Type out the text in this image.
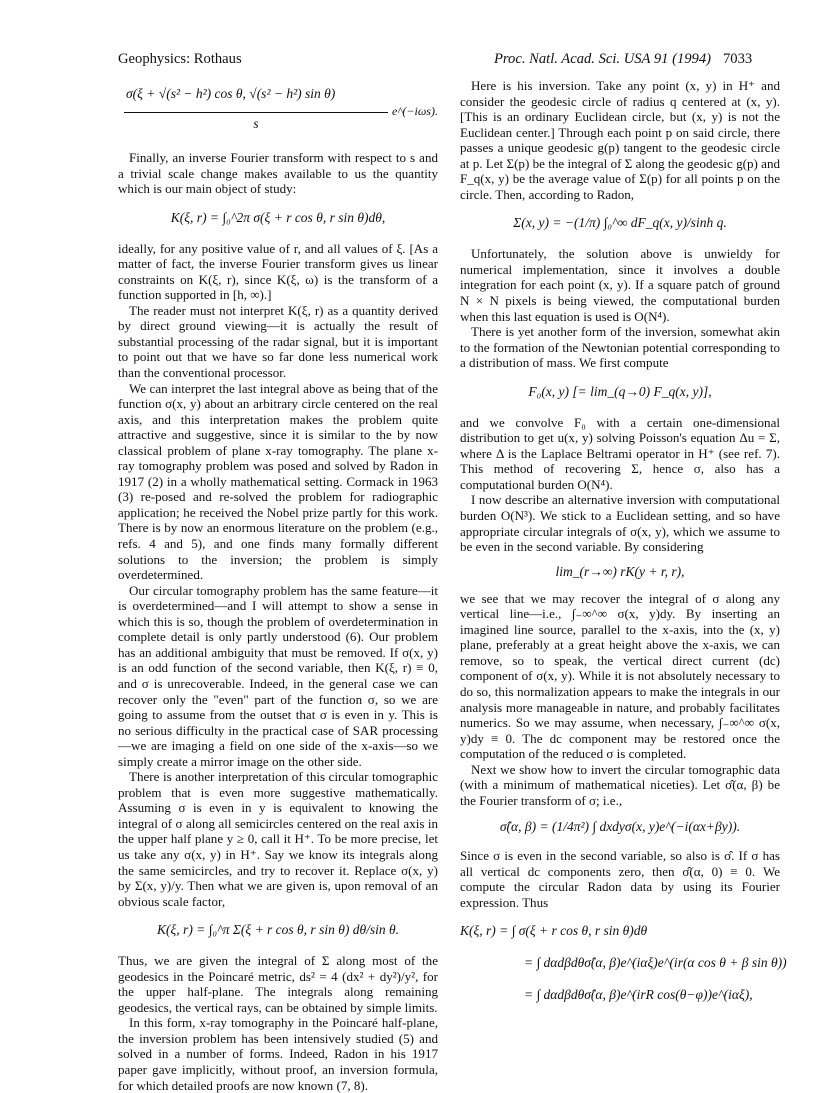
Geophysics: Rothaus	Proc. Natl. Acad. Sci. USA 91 (1994) 7033
σ(ξ + √(s² − h²) cos θ, √(s² − h²) sin θ)
s
e^(−iωs).

Finally, an inverse Fourier transform with respect to s and a trivial scale change makes available to us the quantity which is our main object of study:

K(ξ, r) = ∫₀^2π σ(ξ + r cos θ, r sin θ)dθ,

ideally, for any positive value of r, and all values of ξ. [As a matter of fact, the inverse Fourier transform gives us linear constraints on K(ξ, r), since K(ξ, ω) is the transform of a function supported in [h, ∞).]

The reader must not interpret K(ξ, r) as a quantity derived by direct ground viewing—it is actually the result of substantial processing of the radar signal, but it is important to point out that we have so far done less numerical work than the conventional processor.

We can interpret the last integral above as being that of the function σ(x, y) about an arbitrary circle centered on the real axis, and this interpretation makes the problem quite attractive and suggestive, since it is similar to the by now classical problem of plane x-ray tomography. The plane x-ray tomography problem was posed and solved by Radon in 1917 (2) in a wholly mathematical setting. Cormack in 1963 (3) re-posed and re-solved the problem for radiographic application; he received the Nobel prize partly for this work. There is by now an enormous literature on the problem (e.g., refs. 4 and 5), and one finds many formally different solutions to the inversion; the problem is simply overdetermined.

Our circular tomography problem has the same feature—it is overdetermined—and I will attempt to show a sense in which this is so, though the problem of overdetermination in complete detail is only partly understood (6). Our problem has an additional ambiguity that must be removed. If σ(x, y) is an odd function of the second variable, then K(ξ, r) ≡ 0, and σ is unrecoverable. Indeed, in the general case we can recover only the "even" part of the function σ, so we are going to assume from the outset that σ is even in y. This is no serious difficulty in the practical case of SAR processing—we are imaging a field on one side of the x-axis—so we simply create a mirror image on the other side.

There is another interpretation of this circular tomographic problem that is even more suggestive mathematically. Assuming σ is even in y is equivalent to knowing the integral of σ along all semicircles centered on the real axis in the upper half plane y ≥ 0, call it H⁺. To be more precise, let us take any σ(x, y) in H⁺. Say we know its integrals along the same semicircles, and try to recover it. Replace σ(x, y) by Σ(x, y)/y. Then what we are given is, upon removal of an obvious scale factor,

K(ξ, r) = ∫₀^π Σ(ξ + r cos θ, r sin θ) dθ/sin θ.

Thus, we are given the integral of Σ along most of the geodesics in the Poincaré metric, ds² = 4 (dx² + dy²)/y², for the upper half-plane. The integrals along remaining geodesics, the vertical rays, can be obtained by simple limits.

In this form, x-ray tomography in the Poincaré half-plane, the inversion problem has been intensively studied (5) and solved in a number of forms. Indeed, Radon in his 1917 paper gave implicitly, without proof, an inversion formula, for which detailed proofs are now known (7, 8).

Here is his inversion. Take any point (x, y) in H⁺ and consider the geodesic circle of radius q centered at (x, y). [This is an ordinary Euclidean circle, but (x, y) is not the Euclidean center.] Through each point p on said circle, there passes a unique geodesic g(p) tangent to the geodesic circle at p. Let Σ(p) be the integral of Σ along the geodesic g(p) and F_q(x, y) be the average value of Σ(p) for all points p on the circle. Then, according to Radon,

Σ(x, y) = −(1/π) ∫₀^∞ dF_q(x, y)/sinh q.

Unfortunately, the solution above is unwieldy for numerical implementation, since it involves a double integration for each point (x, y). If a square patch of ground N × N pixels is being viewed, the computational burden when this last equation is used is O(N⁴).

There is yet another form of the inversion, somewhat akin to the formation of the Newtonian potential corresponding to a distribution of mass. We first compute

F₀(x, y) [= lim_(q→0) F_q(x, y)],

and we convolve F₀ with a certain one-dimensional distribution to get u(x, y) solving Poisson's equation Δu = Σ, where Δ is the Laplace Beltrami operator in H⁺ (see ref. 7). This method of recovering Σ, hence σ, also has a computational burden O(N⁴).

I now describe an alternative inversion with computational burden O(N³). We stick to a Euclidean setting, and so have appropriate circular integrals of σ(x, y), which we assume to be even in the second variable. By considering

lim_(r→∞) rK(y + r, r),

we see that we may recover the integral of σ along any vertical line—i.e., ∫₋∞^∞ σ(x, y)dy. By inserting an imagined line source, parallel to the x-axis, into the (x, y) plane, preferably at a great height above the x-axis, we can remove, so to speak, the vertical direct current (dc) component of σ(x, y). While it is not absolutely necessary to do so, this normalization appears to make the integrals in our analysis more manageable in nature, and probably facilitates numerics. So we may assume, when necessary, ∫₋∞^∞ σ(x, y)dy ≡ 0. The dc component may be restored once the computation of the reduced σ is completed.

Next we show how to invert the circular tomographic data (with a minimum of mathematical niceties). Let σ̂(α, β) be the Fourier transform of σ; i.e.,

σ̂(α, β) = (1/4π²) ∫ dxdyσ(x, y)e^(−i(αx+βy)).

Since σ is even in the second variable, so also is σ̂. If σ has all vertical dc components zero, then σ̂(α, 0) ≡ 0. We compute the circular Radon data by using its Fourier expression. Thus

K(ξ, r) = ∫ σ(ξ + r cos θ, r sin θ)dθ
= ∫ dαdβdθσ̂(α, β)e^(iαξ)e^(ir(α cos θ + β sin θ))
= ∫ dαdβdθσ̂(α, β)e^(irR cos(θ−φ))e^(iαξ),
